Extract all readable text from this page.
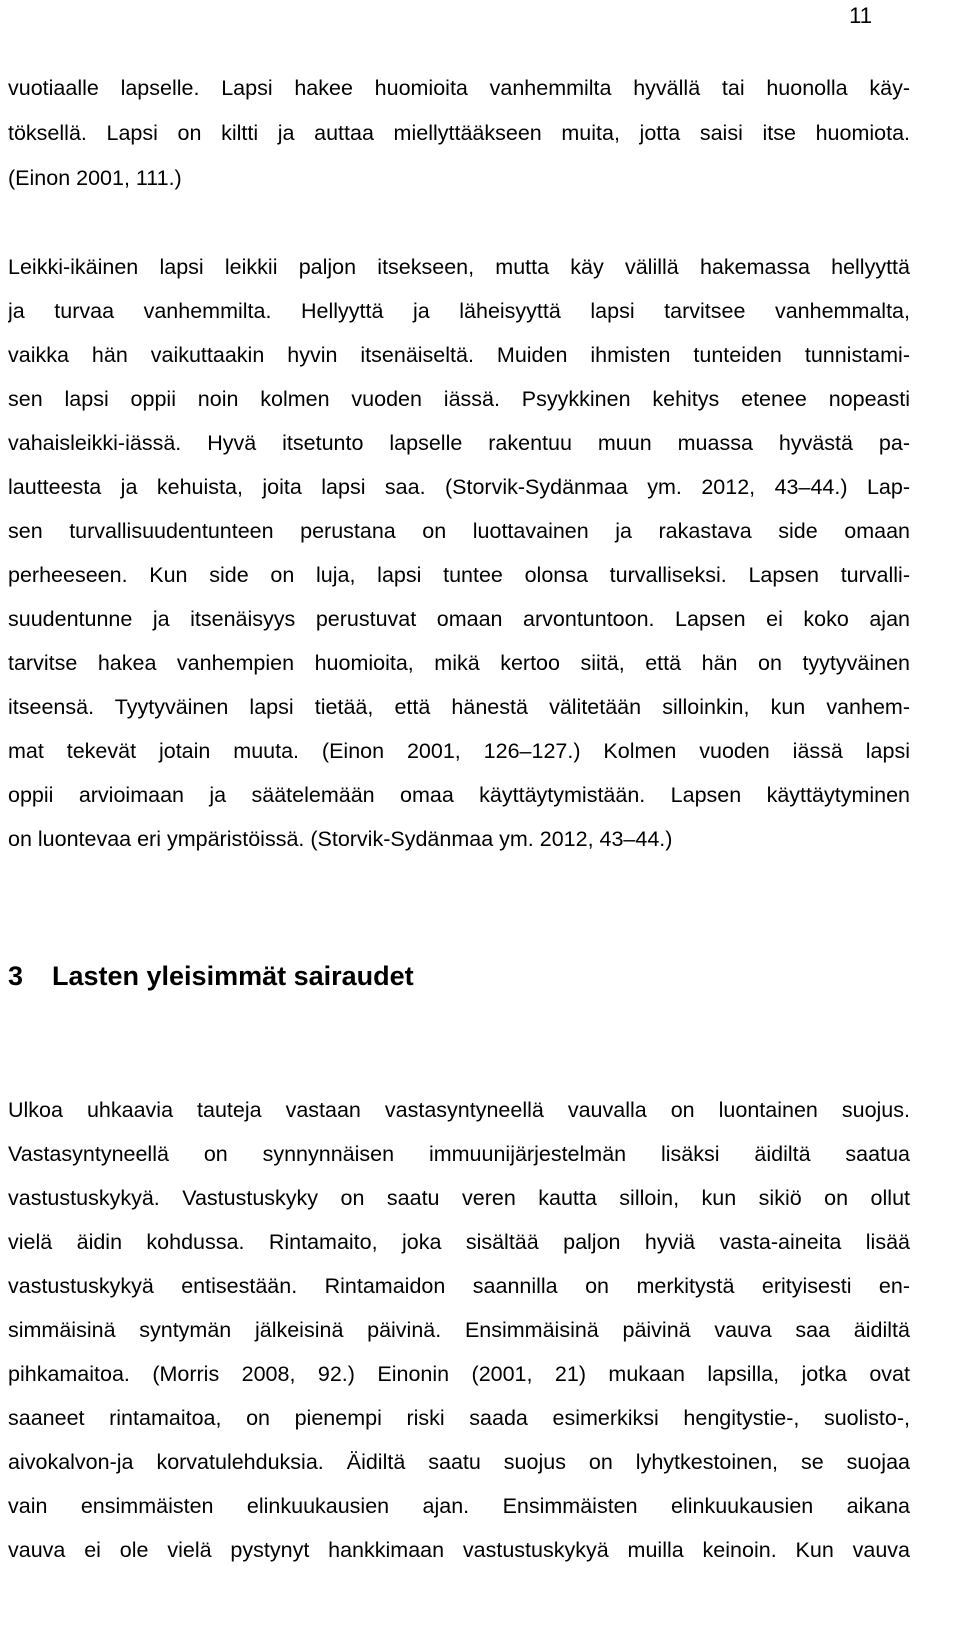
11
vuotiaalle lapselle. Lapsi hakee huomioita vanhemmilta hyvällä tai huonolla käy-
töksellä. Lapsi on kiltti ja auttaa miellyttääkseen muita, jotta saisi itse huomiota.
(Einon 2001, 111.)
Leikki-ikäinen lapsi leikkii paljon itsekseen, mutta käy välillä hakemassa hellyyttä
ja turvaa vanhemmilta. Hellyyttä ja läheisyyttä lapsi tarvitsee vanhemmalta,
vaikka hän vaikuttaakin hyvin itsenäiseltä. Muiden ihmisten tunteiden tunnistami-
sen lapsi oppii noin kolmen vuoden iässä. Psyykkinen kehitys etenee nopeasti
vahaisleikki-iässä. Hyvä itsetunto lapselle rakentuu muun muassa hyvästä pa-
lautteesta ja kehuista, joita lapsi saa. (Storvik-Sydänmaa ym. 2012, 43–44.) Lap-
sen turvallisuudentunteen perustana on luottavainen ja rakastava side omaan
perheeseen. Kun side on luja, lapsi tuntee olonsa turvalliseksi. Lapsen turvalli-
suudentunne ja itsenäisyys perustuvat omaan arvontuntoon. Lapsen ei koko ajan
tarvitse hakea vanhempien huomioita, mikä kertoo siitä, että hän on tyytyväinen
itseensä. Tyytyväinen lapsi tietää, että hänestä välitetään silloinkin, kun vanhem-
mat tekevät jotain muuta. (Einon 2001, 126–127.) Kolmen vuoden iässä lapsi
oppii arvioimaan ja säätelemään omaa käyttäytymistään. Lapsen käyttäytyminen
on luontevaa eri ympäristöissä. (Storvik-Sydänmaa ym. 2012, 43–44.)
3 Lasten yleisimmät sairaudet
Ulkoa uhkaavia tauteja vastaan vastasyntyneellä vauvalla on luontainen suojus.
Vastasyntyneellä on synnynnäisen immuunijärjestelmän lisäksi äidiltä saatua
vastustuskykyä. Vastustuskyky on saatu veren kautta silloin, kun sikiö on ollut
vielä äidin kohdussa. Rintamaito, joka sisältää paljon hyviä vasta-aineita lisää
vastustuskykyä entisestään. Rintamaidon saannilla on merkitystä erityisesti en-
simmäisinä syntymän jälkeisinä päivinä. Ensimmäisinä päivinä vauva saa äidiltä
pihkamaitoa. (Morris 2008, 92.) Einonin (2001, 21) mukaan lapsilla, jotka ovat
saaneet rintamaitoa, on pienempi riski saada esimerkiksi hengitystie-, suolisto-,
aivokalvon-ja korvatulehduksia. Äidiltä saatu suojus on lyhytkestoinen, se suojaa
vain ensimmäisten elinkuukausien ajan. Ensimmäisten elinkuukausien aikana
vauva ei ole vielä pystynyt hankkimaan vastustuskykyä muilla keinoin. Kun vauva
